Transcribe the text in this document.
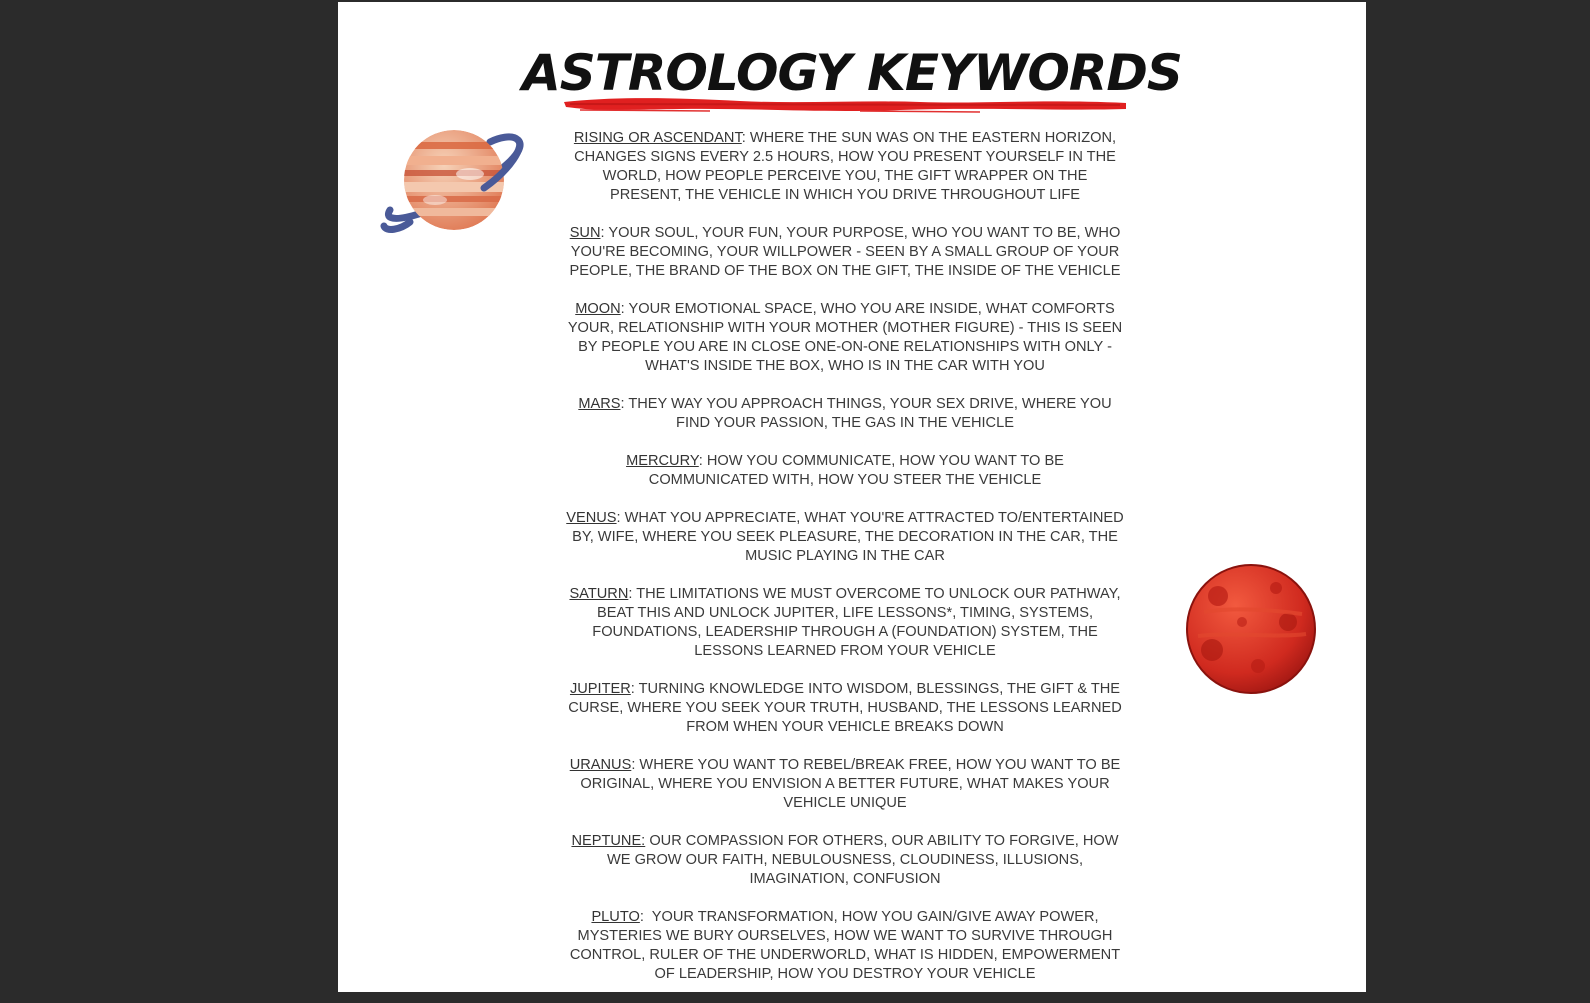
ASTROLOGY KEYWORDS

RISING OR ASCENDANT: WHERE THE SUN WAS ON THE EASTERN HORIZON, CHANGES SIGNS EVERY 2.5 HOURS, HOW YOU PRESENT YOURSELF IN THE WORLD, HOW PEOPLE PERCEIVE YOU, THE GIFT WRAPPER ON THE PRESENT, THE VEHICLE IN WHICH YOU DRIVE THROUGHOUT LIFE

SUN: YOUR SOUL, YOUR FUN, YOUR PURPOSE, WHO YOU WANT TO BE, WHO YOU'RE BECOMING, YOUR WILLPOWER - SEEN BY A SMALL GROUP OF YOUR PEOPLE, THE BRAND OF THE BOX ON THE GIFT, THE INSIDE OF THE VEHICLE

MOON: YOUR EMOTIONAL SPACE, WHO YOU ARE INSIDE, WHAT COMFORTS YOUR, RELATIONSHIP WITH YOUR MOTHER (MOTHER FIGURE) - THIS IS SEEN BY PEOPLE YOU ARE IN CLOSE ONE-ON-ONE RELATIONSHIPS WITH ONLY - WHAT'S INSIDE THE BOX, WHO IS IN THE CAR WITH YOU

MARS: THEY WAY YOU APPROACH THINGS, YOUR SEX DRIVE, WHERE YOU FIND YOUR PASSION, THE GAS IN THE VEHICLE

MERCURY: HOW YOU COMMUNICATE, HOW YOU WANT TO BE COMMUNICATED WITH, HOW YOU STEER THE VEHICLE

VENUS: WHAT YOU APPRECIATE, WHAT YOU'RE ATTRACTED TO/ENTERTAINED BY, WIFE, WHERE YOU SEEK PLEASURE, THE DECORATION IN THE CAR, THE MUSIC PLAYING IN THE CAR

SATURN: THE LIMITATIONS WE MUST OVERCOME TO UNLOCK OUR PATHWAY, BEAT THIS AND UNLOCK JUPITER, LIFE LESSONS*, TIMING, SYSTEMS, FOUNDATIONS, LEADERSHIP THROUGH A (FOUNDATION) SYSTEM, THE LESSONS LEARNED FROM YOUR VEHICLE

JUPITER: TURNING KNOWLEDGE INTO WISDOM, BLESSINGS, THE GIFT & THE CURSE, WHERE YOU SEEK YOUR TRUTH, HUSBAND, THE LESSONS LEARNED FROM WHEN YOUR VEHICLE BREAKS DOWN

URANUS: WHERE YOU WANT TO REBEL/BREAK FREE, HOW YOU WANT TO BE ORIGINAL, WHERE YOU ENVISION A BETTER FUTURE, WHAT MAKES YOUR VEHICLE UNIQUE

NEPTUNE: OUR COMPASSION FOR OTHERS, OUR ABILITY TO FORGIVE, HOW WE GROW OUR FAITH, NEBULOUSNESS, CLOUDINESS, ILLUSIONS, IMAGINATION, CONFUSION

PLUTO:  YOUR TRANSFORMATION, HOW YOU GAIN/GIVE AWAY POWER, MYSTERIES WE BURY OURSELVES, HOW WE WANT TO SURVIVE THROUGH CONTROL, RULER OF THE UNDERWORLD, WHAT IS HIDDEN, EMPOWERMENT OF LEADERSHIP, HOW YOU DESTROY YOUR VEHICLE
